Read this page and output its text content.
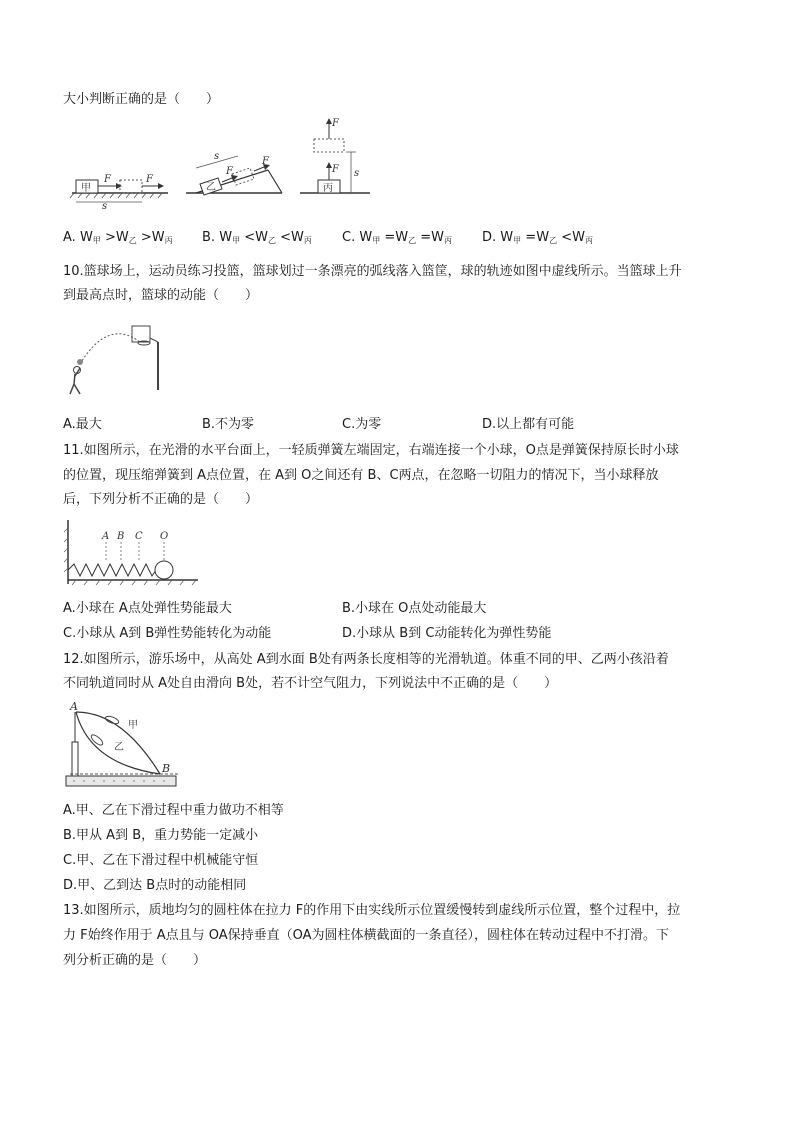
大小判断正确的是（　　）
甲
F	F
s
乙
F
F
s
丙
F
F
s
A. W甲 >W乙 >W丙 B. W甲 <W乙 <W丙 C. W甲 =W乙 =W丙 D. W甲 =W乙 <W丙
10.篮球场上，运动员练习投篮，篮球划过一条漂亮的弧线落入篮筐，球的轨迹如图中虚线所示。当篮球上升
到最高点时，篮球的动能（　　）
A.最大	B.不为零	C.为零	D.以上都有可能
11.如图所示，在光滑的水平台面上，一轻质弹簧左端固定，右端连接一个小球，O点是弹簧保持原长时小球
的位置，现压缩弹簧到 A点位置，在 A到 O之间还有 B、C两点，在忽略一切阻力的情况下，当小球释放
后，下列分析不正确的是（　　）
A B C O
A.小球在 A点处弹性势能最大	B.小球在 O点处动能最大
C.小球从 A到 B弹性势能转化为动能	D.小球从 B到 C动能转化为弹性势能
12.如图所示，游乐场中，从高处 A到水面 B处有两条长度相等的光滑轨道。体重不同的甲、乙两小孩沿着
不同轨道同时从 A处自由滑向 B处，若不计空气阻力，下列说法中不正确的是（　　）
A
B
甲
乙
A.甲、乙在下滑过程中重力做功不相等
B.甲从 A到 B，重力势能一定减小
C.甲、乙在下滑过程中机械能守恒
D.甲、乙到达 B点时的动能相同
13.如图所示，质地均匀的圆柱体在拉力 F的作用下由实线所示位置缓慢转到虚线所示位置，整个过程中，拉
力 F始终作用于 A点且与 OA保持垂直（OA为圆柱体横截面的一条直径），圆柱体在转动过程中不打滑。下
列分析正确的是（　　）
